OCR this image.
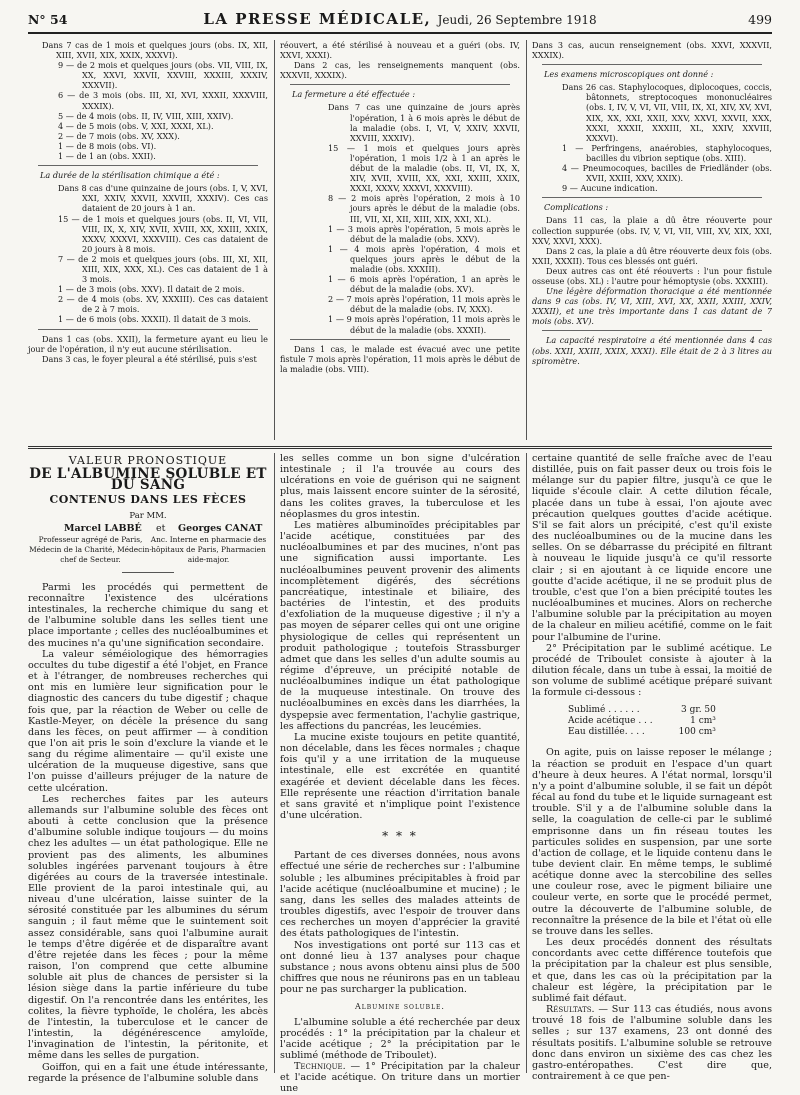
N° 54	LA PRESSE MÉDICALE, Jeudi, 26 Septembre 1918	499

Dans 7 cas de 1 mois et quelques jours (obs. IX, XII, XIII, XVII, XIX, XXIX, XXXVI).

9 — de 2 mois et quelques jours (obs. VII, VIII, IX, XX, XXVI, XXVII, XXVIII, XXXIII, XXXIV, XXXVII).

6 — de 3 mois (obs. III, XI, XVI, XXXII, XXXVIII, XXXIX).

5 — de 4 mois (obs. II, IV, VIII, XIII, XXIV).

4 — de 5 mois (obs. V, XXI, XXXI, XL).

2 — de 7 mois (obs. XV, XXX).

1 — de 8 mois (obs. VI).

1 — de 1 an (obs. XXII).

La durée de la stérilisation chimique a été :

Dans 8 cas d'une quinzaine de jours (obs. I, V, XVI, XXI, XXIV, XXVII, XXVIII, XXXIV). Ces cas dataient de 20 jours à 1 an.

15 — de 1 mois et quelques jours (obs. II, VI, VII, VIII, IX, X, XIV, XVII, XVIII, XX, XXIII, XXIX, XXXV, XXXVI, XXXVIII). Ces cas dataient de 20 jours à 8 mois.

7 — de 2 mois et quelques jours (obs. III, XI, XII, XIII, XIX, XXX, XL). Ces cas dataient de 1 à 3 mois.

1 — de 3 mois (obs. XXV). Il datait de 2 mois.

2 — de 4 mois (obs. XV, XXXIII). Ces cas dataient de 2 à 7 mois.

1 — de 6 mois (obs. XXXII). Il datait de 3 mois.

Dans 1 cas (obs. XXII), la fermeture ayant eu lieu le jour de l'opération, il n'y eut aucune stérilisation.

Dans 3 cas, le foyer pleural a été stérilisé, puis s'est

réouvert, a été stérilisé à nouveau et a guéri (obs. IV, XXVI, XXXI).

Dans 2 cas, les renseignements manquent (obs. XXXVII, XXXIX).

La fermeture a été effectuée :

Dans 7 cas une quinzaine de jours après l'opération, 1 à 6 mois après le début de la maladie (obs. I, VI, V, XXIV, XXVII, XXVIII, XXXIV).

15 — 1 mois et quelques jours après l'opération, 1 mois 1/2 à 1 an après le début de la maladie (obs. II, VI, IX, X, XIV, XVII, XVIII, XX, XXI, XXIII, XXIX, XXXI, XXXV, XXXVI, XXXVIII).

8 — 2 mois après l'opération, 2 mois à 10 jours après le début de la maladie (obs. III, VII, XI, XII, XIII, XIX, XXI, XL).

1 — 3 mois après l'opération, 5 mois après le début de la maladie (obs. XXV).

1 — 4 mois après l'opération, 4 mois et quelques jours après le début de la maladie (obs. XXXIII).

1 — 6 mois après l'opération, 1 an après le début de la maladie (obs. XV).

2 — 7 mois après l'opération, 11 mois après le début de la maladie (obs. IV, XXX).

1 — 9 mois après l'opération, 11 mois après le début de la maladie (obs. XXXII).

Dans 1 cas, le malade est évacué avec une petite fistule 7 mois après l'opération, 11 mois après le début de la maladie (obs. VIII).

Dans 3 cas, aucun renseignement (obs. XXVI, XXXVII, XXXIX).

Les examens microscopiques ont donné :

Dans 26 cas. Staphylocoques, diplocoques, coccis, bâtonnets, streptocoques mononucléaires (obs. I, IV, V, VI, VII, VIII, IX, XI, XIV, XV, XVI, XIX, XX, XXI, XXII, XXV, XXVI, XXVII, XXX, XXXI, XXXII, XXXIII, XL, XXIV, XXVIII, XXXVI).

1 — Perfringens, anaérobies, staphylocoques, bacilles du vibrion septique (obs. XIII).

4 — Pneumocoques, bacilles de Friedländer (obs. XVII, XXIII, XXV, XXIX).

9 — Aucune indication.

Complications :

Dans 11 cas, la plaie a dû être réouverte pour collection suppurée (obs. IV, V, VI, VII, VIII, XV, XIX, XXI, XXV, XXVI, XXX).

Dans 2 cas, la plaie a dû être réouverte deux fois (obs. XXII, XXXII). Tous ces blessés ont guéri.

Deux autres cas ont été réouverts : l'un pour fistule osseuse (obs. XL) : l'autre pour hémoptysie (obs. XXXIII).

Une légère déformation thoracique a été mentionnée dans 9 cas (obs. IV, VI, XIII, XVI, XX, XXII, XXIII, XXIV, XXXII), et une très importante dans 1 cas datant de 7 mois (obs. XV).

La capacité respiratoire a été mentionnée dans 4 cas (obs. XXII, XXIII, XXIX, XXXI). Elle était de 2 à 3 litres au spiromètre.

VALEUR PRONOSTIQUE
DE L'ALBUMINE SOLUBLE ET DU SANG
CONTENUS DANS LES FÈCES
Par MM.
Marcel LABBÉ et Georges CANAT
Professeur agrégé de Paris, Médecin de la Charité, Médecin-chef de Secteur.
Anc. Interne en pharmacie des hôpitaux de Paris, Pharmacien aide-major.

Parmi les procédés qui permettent de reconnaître l'existence des ulcérations intestinales, la recherche chimique du sang et de l'albumine soluble dans les selles tient une place importante ; celles des nucléoalbumines et des mucines n'a qu'une signification secondaire.

La valeur séméiologique des hémorragies occultes du tube digestif a été l'objet, en France et à l'étranger, de nombreuses recherches qui ont mis en lumière leur signification pour le diagnostic des cancers du tube digestif ; chaque fois que, par la réaction de Weber ou celle de Kastle-Meyer, on décèle la présence du sang dans les fèces, on peut affirmer — à condition que l'on ait pris le soin d'exclure la viande et le sang du régime alimentaire — qu'il existe une ulcération de la muqueuse digestive, sans que l'on puisse d'ailleurs préjuger de la nature de cette ulcération.

Les recherches faites par les auteurs allemands sur l'albumine soluble des fèces ont abouti à cette conclusion que la présence d'albumine soluble indique toujours — du moins chez les adultes — un état pathologique. Elle ne provient pas des aliments, les albumines solubles ingérées parvenant toujours à être digérées au cours de la traversée intestinale. Elle provient de la paroi intestinale qui, au niveau d'une ulcération, laisse suinter de la sérosité constituée par les albumines du sérum sanguin ; il faut même que le suintement soit assez considérable, sans quoi l'albumine aurait le temps d'être digérée et de disparaître avant d'être rejetée dans les fèces ; pour la même raison, l'on comprend que cette albumine soluble ait plus de chances de persister si la lésion siège dans la partie inférieure du tube digestif. On l'a rencontrée dans les entérites, les colites, la fièvre typhoïde, le choléra, les abcès de l'intestin, la tuberculose et le cancer de l'intestin, la dégénérescence amyloïde, l'invagination de l'intestin, la péritonite, et même dans les selles de purgation.

Goiffon, qui en a fait une étude intéressante, regarde la présence de l'albumine soluble dans

les selles comme un bon signe d'ulcération intestinale ; il l'a trouvée au cours des ulcérations en voie de guérison qui ne saignent plus, mais laissent encore suinter de la sérosité, dans les colites graves, la tuberculose et les néoplasmes du gros intestin.

Les matières albuminoïdes précipitables par l'acide acétique, constituées par des nucléoalbumines et par des mucines, n'ont pas une signification aussi importante. Les nucléoalbumines peuvent provenir des aliments incomplètement digérés, des sécrétions pancréatique, intestinale et biliaire, des bactéries de l'intestin, et des produits d'exfoliation de la muqueuse digestive ; il n'y a pas moyen de séparer celles qui ont une origine physiologique de celles qui représentent un produit pathologique ; toutefois Strassburger admet que dans les selles d'un adulte soumis au régime d'épreuve, un précipité notable de nucléoalbumines indique un état pathologique de la muqueuse intestinale. On trouve des nucléoalbumines en excès dans les diarrhées, la dyspepsie avec fermentation, l'achylie gastrique, les affections du pancréas, les leucémies.

La mucine existe toujours en petite quantité, non décelable, dans les fèces normales ; chaque fois qu'il y a une irritation de la muqueuse intestinale, elle est excrétée en quantité exagérée et devient décelable dans les fèces. Elle représente une réaction d'irritation banale et sans gravité et n'implique point l'existence d'une ulcération.

* * *

Partant de ces diverses données, nous avons effectué une série de recherches sur : l'albumine soluble ; les albumines précipitables à froid par l'acide acétique (nucléoalbumine et mucine) ; le sang, dans les selles des malades atteints de troubles digestifs, avec l'espoir de trouver dans ces recherches un moyen d'apprécier la gravité des états pathologiques de l'intestin.

Nos investigations ont porté sur 113 cas et ont donné lieu à 137 analyses pour chaque substance ; nous avons obtenu ainsi plus de 500 chiffres que nous ne réunirons pas en un tableau pour ne pas surcharger la publication.

Albumine soluble.

L'albumine soluble a été recherchée par deux procédés : 1° la précipitation par la chaleur et l'acide acétique ; 2° la précipitation par le sublimé (méthode de Triboulet).

Technique. — 1° Précipitation par la chaleur et l'acide acétique. On triture dans un mortier une

certaine quantité de selle fraîche avec de l'eau distillée, puis on fait passer deux ou trois fois le mélange sur du papier filtre, jusqu'à ce que le liquide s'écoule clair. A cette dilution fécale, placée dans un tube à essai, l'on ajoute avec précaution quelques gouttes d'acide acétique. S'il se fait alors un précipité, c'est qu'il existe des nucléoalbumines ou de la mucine dans les selles. On se débarrasse du précipité en filtrant à nouveau le liquide jusqu'à ce qu'il ressorte clair ; si en ajoutant à ce liquide encore une goutte d'acide acétique, il ne se produit plus de trouble, c'est que l'on a bien précipité toutes les nucléoalbumines et mucines. Alors on recherche l'albumine soluble par la précipitation au moyen de la chaleur en milieu acétifié, comme on le fait pour l'albumine de l'urine.

2° Précipitation par le sublimé acétique. Le procédé de Triboulet consiste à ajouter à la dilution fécale, dans un tube à essai, la moitié de son volume de sublimé acétique préparé suivant la formule ci-dessous :

Sublimé . . . . . .	3 gr. 50
Acide acétique . . .	1 cm³
Eau distillée. . . .	100 cm³

On agite, puis on laisse reposer le mélange ; la réaction se produit en l'espace d'un quart d'heure à deux heures. A l'état normal, lorsqu'il n'y a point d'albumine soluble, il se fait un dépôt fécal au fond du tube et le liquide surnageant est trouble. S'il y a de l'albumine soluble dans la selle, la coagulation de celle-ci par le sublimé emprisonne dans un fin réseau toutes les particules solides en suspension, par une sorte d'action de collage, et le liquide contenu dans le tube devient clair. En même temps, le sublimé acétique donne avec la stercobiline des selles une couleur rose, avec le pigment biliaire une couleur verte, en sorte que le procédé permet, outre la découverte de l'albumine soluble, de reconnaître la présence de la bile et l'état où elle se trouve dans les selles.

Les deux procédés donnent des résultats concordants avec cette différence toutefois que la précipitation par la chaleur est plus sensible, et que, dans les cas où la précipitation par la chaleur est légère, la précipitation par le sublimé fait défaut.

Résultats. — Sur 113 cas étudiés, nous avons trouvé 18 fois de l'albumine soluble dans les selles ; sur 137 examens, 23 ont donné des résultats positifs. L'albumine soluble se retrouve donc dans environ un sixième des cas chez les gastro-entéropathes. C'est dire que, contrairement à ce que pen-
